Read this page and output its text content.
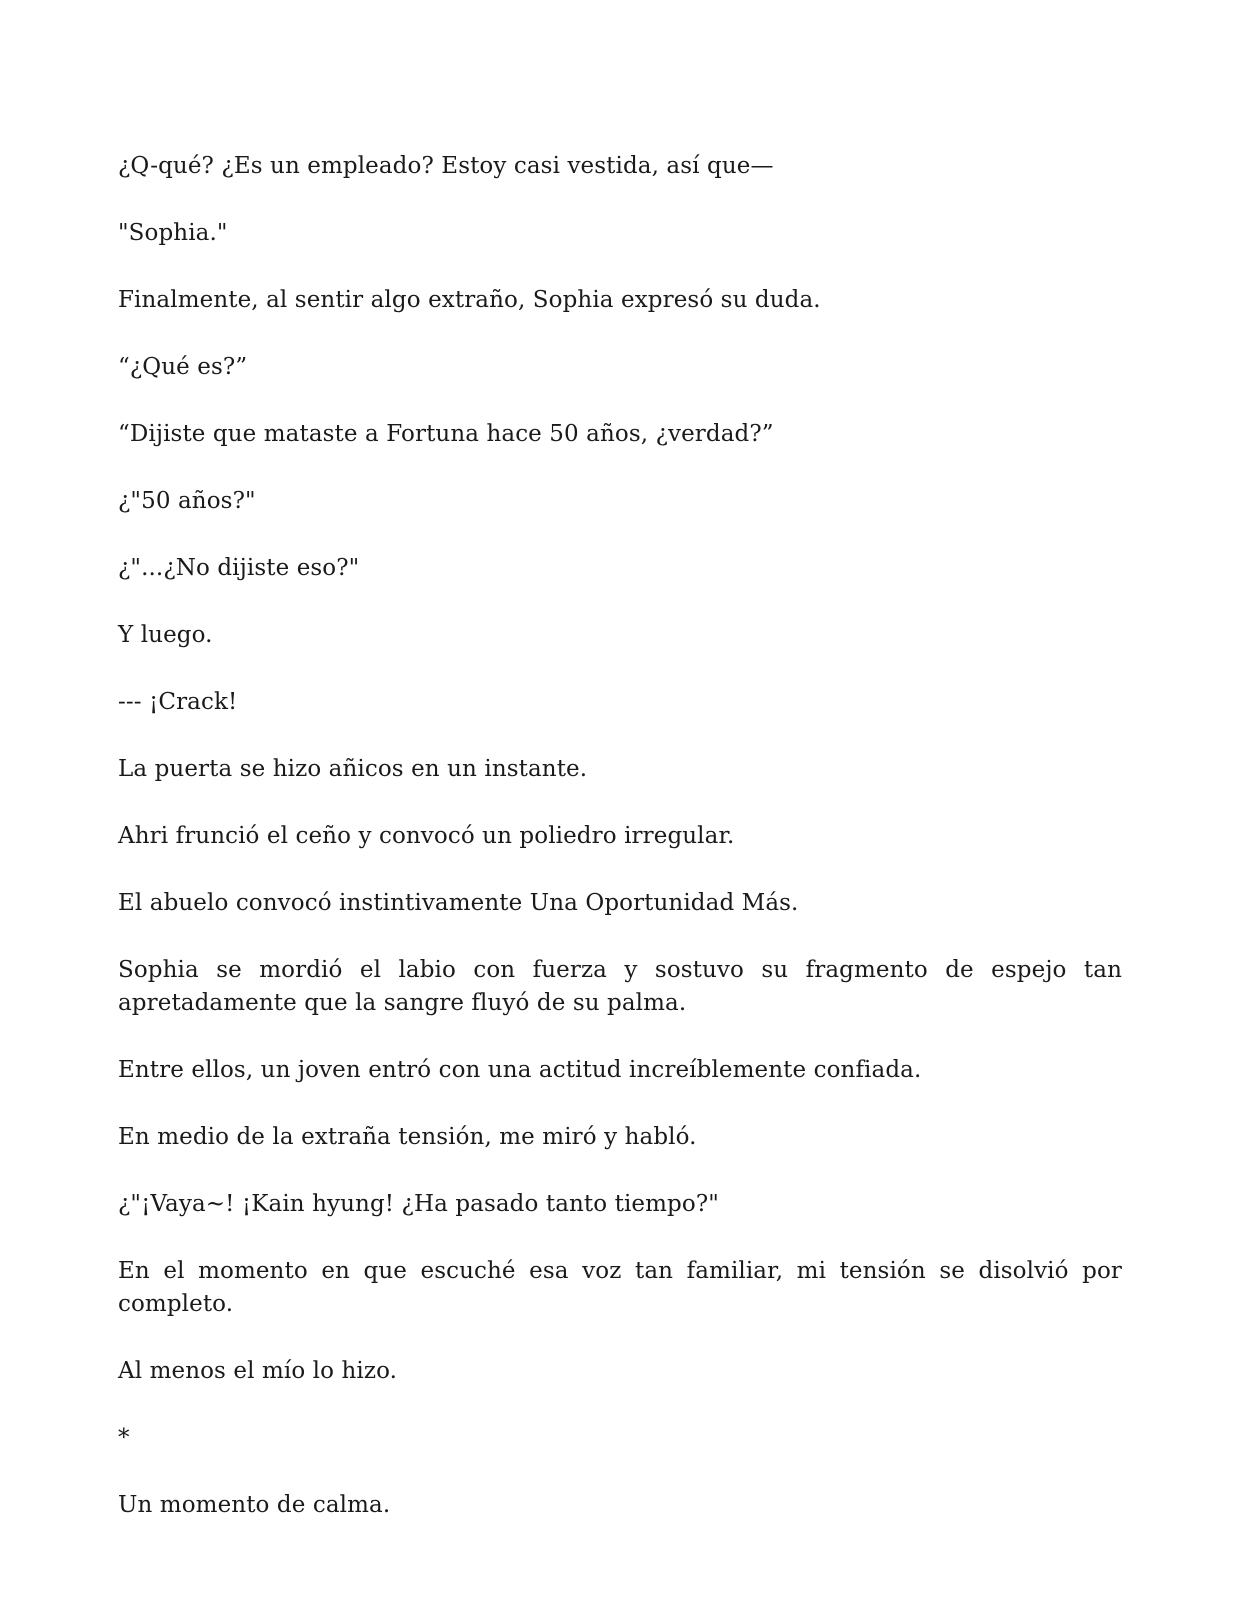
¿Q-qué? ¿Es un empleado? Estoy casi vestida, así que—

"Sophia."

Finalmente, al sentir algo extraño, Sophia expresó su duda.

“¿Qué es?”

“Dijiste que mataste a Fortuna hace 50 años, ¿verdad?”

¿"50 años?"

¿"...¿No dijiste eso?"

Y luego.

--- ¡Crack!

La puerta se hizo añicos en un instante.

Ahri frunció el ceño y convocó un poliedro irregular.

El abuelo convocó instintivamente Una Oportunidad Más.

Sophia se mordió el labio con fuerza y sostuvo su fragmento de espejo tan apretadamente que la sangre fluyó de su palma.

Entre ellos, un joven entró con una actitud increíblemente confiada.

En medio de la extraña tensión, me miró y habló.

¿"¡Vaya~! ¡Kain hyung! ¿Ha pasado tanto tiempo?"

En el momento en que escuché esa voz tan familiar, mi tensión se disolvió por completo.

Al menos el mío lo hizo.

*

Un momento de calma.
